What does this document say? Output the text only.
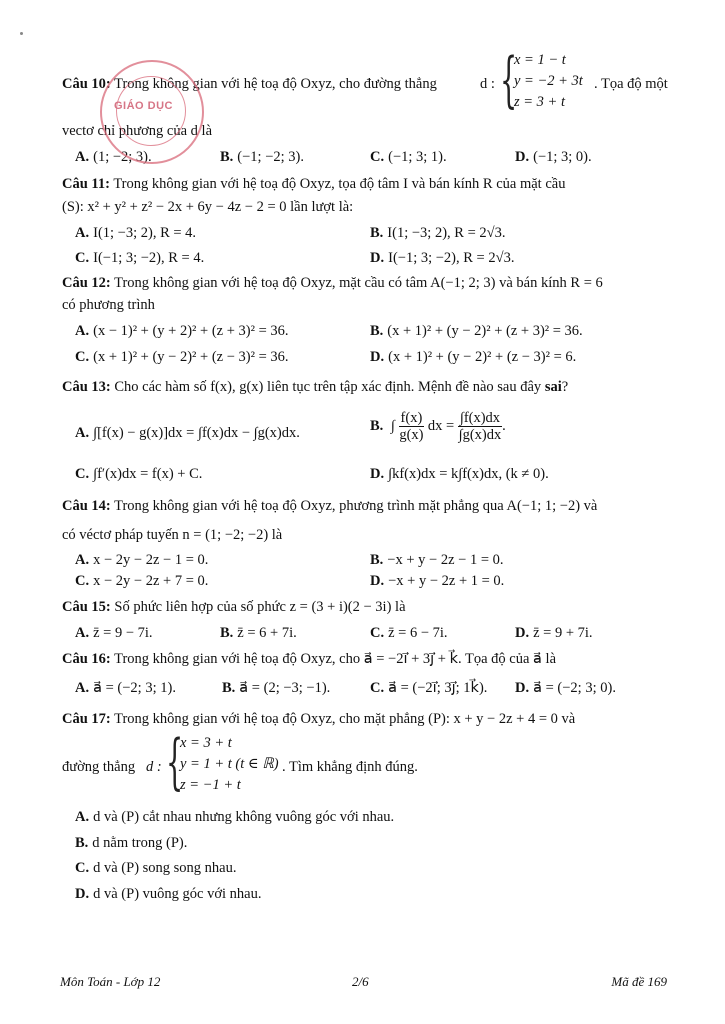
Câu 10: Trong không gian với hệ toạ độ Oxyz, cho đường thẳng	d : {
x = 1 − t
y = −2 + 3t
z = 3 + t
. Tọa độ một
vectơ chỉ phương của d là
A. (1; −2; 3).	B. (−1; −2; 3).	C. (−1; 3; 1).	D. (−1; 3; 0).
GIÁO DỤC
Câu 11: Trong không gian với hệ toạ độ Oxyz, tọa độ tâm I và bán kính R của mặt cầu
(S): x² + y² + z² − 2x + 6y − 4z − 2 = 0 lần lượt là:
A. I(1; −3; 2), R = 4.	B. I(1; −3; 2), R = 2√3.
C. I(−1; 3; −2), R = 4.	D. I(−1; 3; −2), R = 2√3.
Câu 12: Trong không gian với hệ toạ độ Oxyz, mặt cầu có tâm A(−1; 2; 3) và bán kính R = 6
có phương trình
A. (x − 1)² + (y + 2)² + (z + 3)² = 36.	B. (x + 1)² + (y − 2)² + (z + 3)² = 36.
C. (x + 1)² + (y − 2)² + (z − 3)² = 36.	D. (x + 1)² + (y − 2)² + (z − 3)² = 6.
Câu 13: Cho các hàm số f(x), g(x) liên tục trên tập xác định. Mệnh đề nào sau đây sai?
A. ∫[f(x) − g(x)]dx = ∫f(x)dx − ∫g(x)dx.	B. ∫ $\frac{f(x)}{g(x)}$ dx = $\frac{\int f(x)dx}{\int g(x)dx}$ .
C. ∫f′(x)dx = f(x) + C.	D. ∫kf(x)dx = k∫f(x)dx, (k ≠ 0).
Câu 14: Trong không gian với hệ toạ độ Oxyz, phương trình mặt phẳng qua A(−1; 1; −2) và
có véctơ pháp tuyến n = (1; −2; −2) là
A. x − 2y − 2z − 1 = 0.	B. −x + y − 2z − 1 = 0.
C. x − 2y − 2z + 7 = 0.	D. −x + y − 2z + 1 = 0.
Câu 15: Số phức liên hợp của số phức z = (3 + i)(2 − 3i) là
A. z̄ = 9 − 7i.	B. z̄ = 6 + 7i.	C. z̄ = 6 − 7i.	D. z̄ = 9 + 7i.
Câu 16: Trong không gian với hệ toạ độ Oxyz, cho a⃗ = −2i⃗ + 3j⃗ + k⃗. Tọa độ của a⃗ là
A. a⃗ = (−2; 3; 1).	B. a⃗ = (2; −3; −1).	C. a⃗ = (−2i⃗; 3j⃗; 1k⃗). D. a⃗ = (−2; 3; 0).
Câu 17: Trong không gian với hệ toạ độ Oxyz, cho mặt phẳng (P): x + y − 2z + 4 = 0 và
đường thẳng d : {
x = 3 + t
y = 1 + t (t ∈ ℝ)
z = −1 + t
. Tìm khẳng định đúng.
A. d và (P) cắt nhau nhưng không vuông góc với nhau.
B. d nằm trong (P).
C. d và (P) song song nhau.
D. d và (P) vuông góc với nhau.
Môn Toán - Lớp 12	2/6	Mã đề 169
